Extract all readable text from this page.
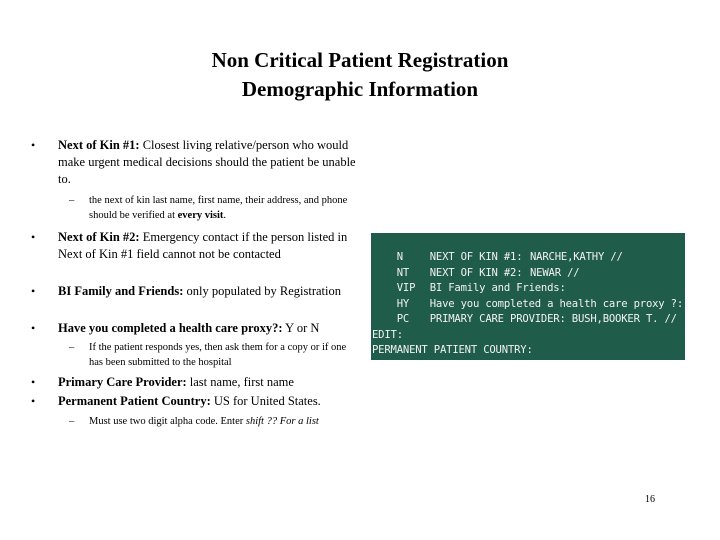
Non Critical Patient Registration
Demographic Information
• Next of Kin #1: Closest living relative/person who would make urgent medical decisions should the patient be unable to.
– the next of kin last name, first name, their address, and phone should be verified at every visit.
• Next of Kin #2: Emergency contact if the person listed in Next of Kin #1 field cannot not be contacted
• BI Family and Friends: only populated by Registration
• Have you completed a health care proxy?: Y or N
– If the patient responds yes, then ask them for a copy or if one has been submitted to the hospital
• Primary Care Provider: last name, first name
• Permanent Patient Country: US for United States.
– Must use two digit alpha code. Enter shift ?? For a list

N	NEXT OF KIN #1: NARCHE,KATHY //

NT NEXT OF KIN #2: NEWAR //

VIP BI Family and Friends:

HY Have you completed a health care proxy ?:

PC PRIMARY CARE PROVIDER: BUSH,BOOKER T. //

EDIT:
PERMANENT PATIENT COUNTRY:
16
